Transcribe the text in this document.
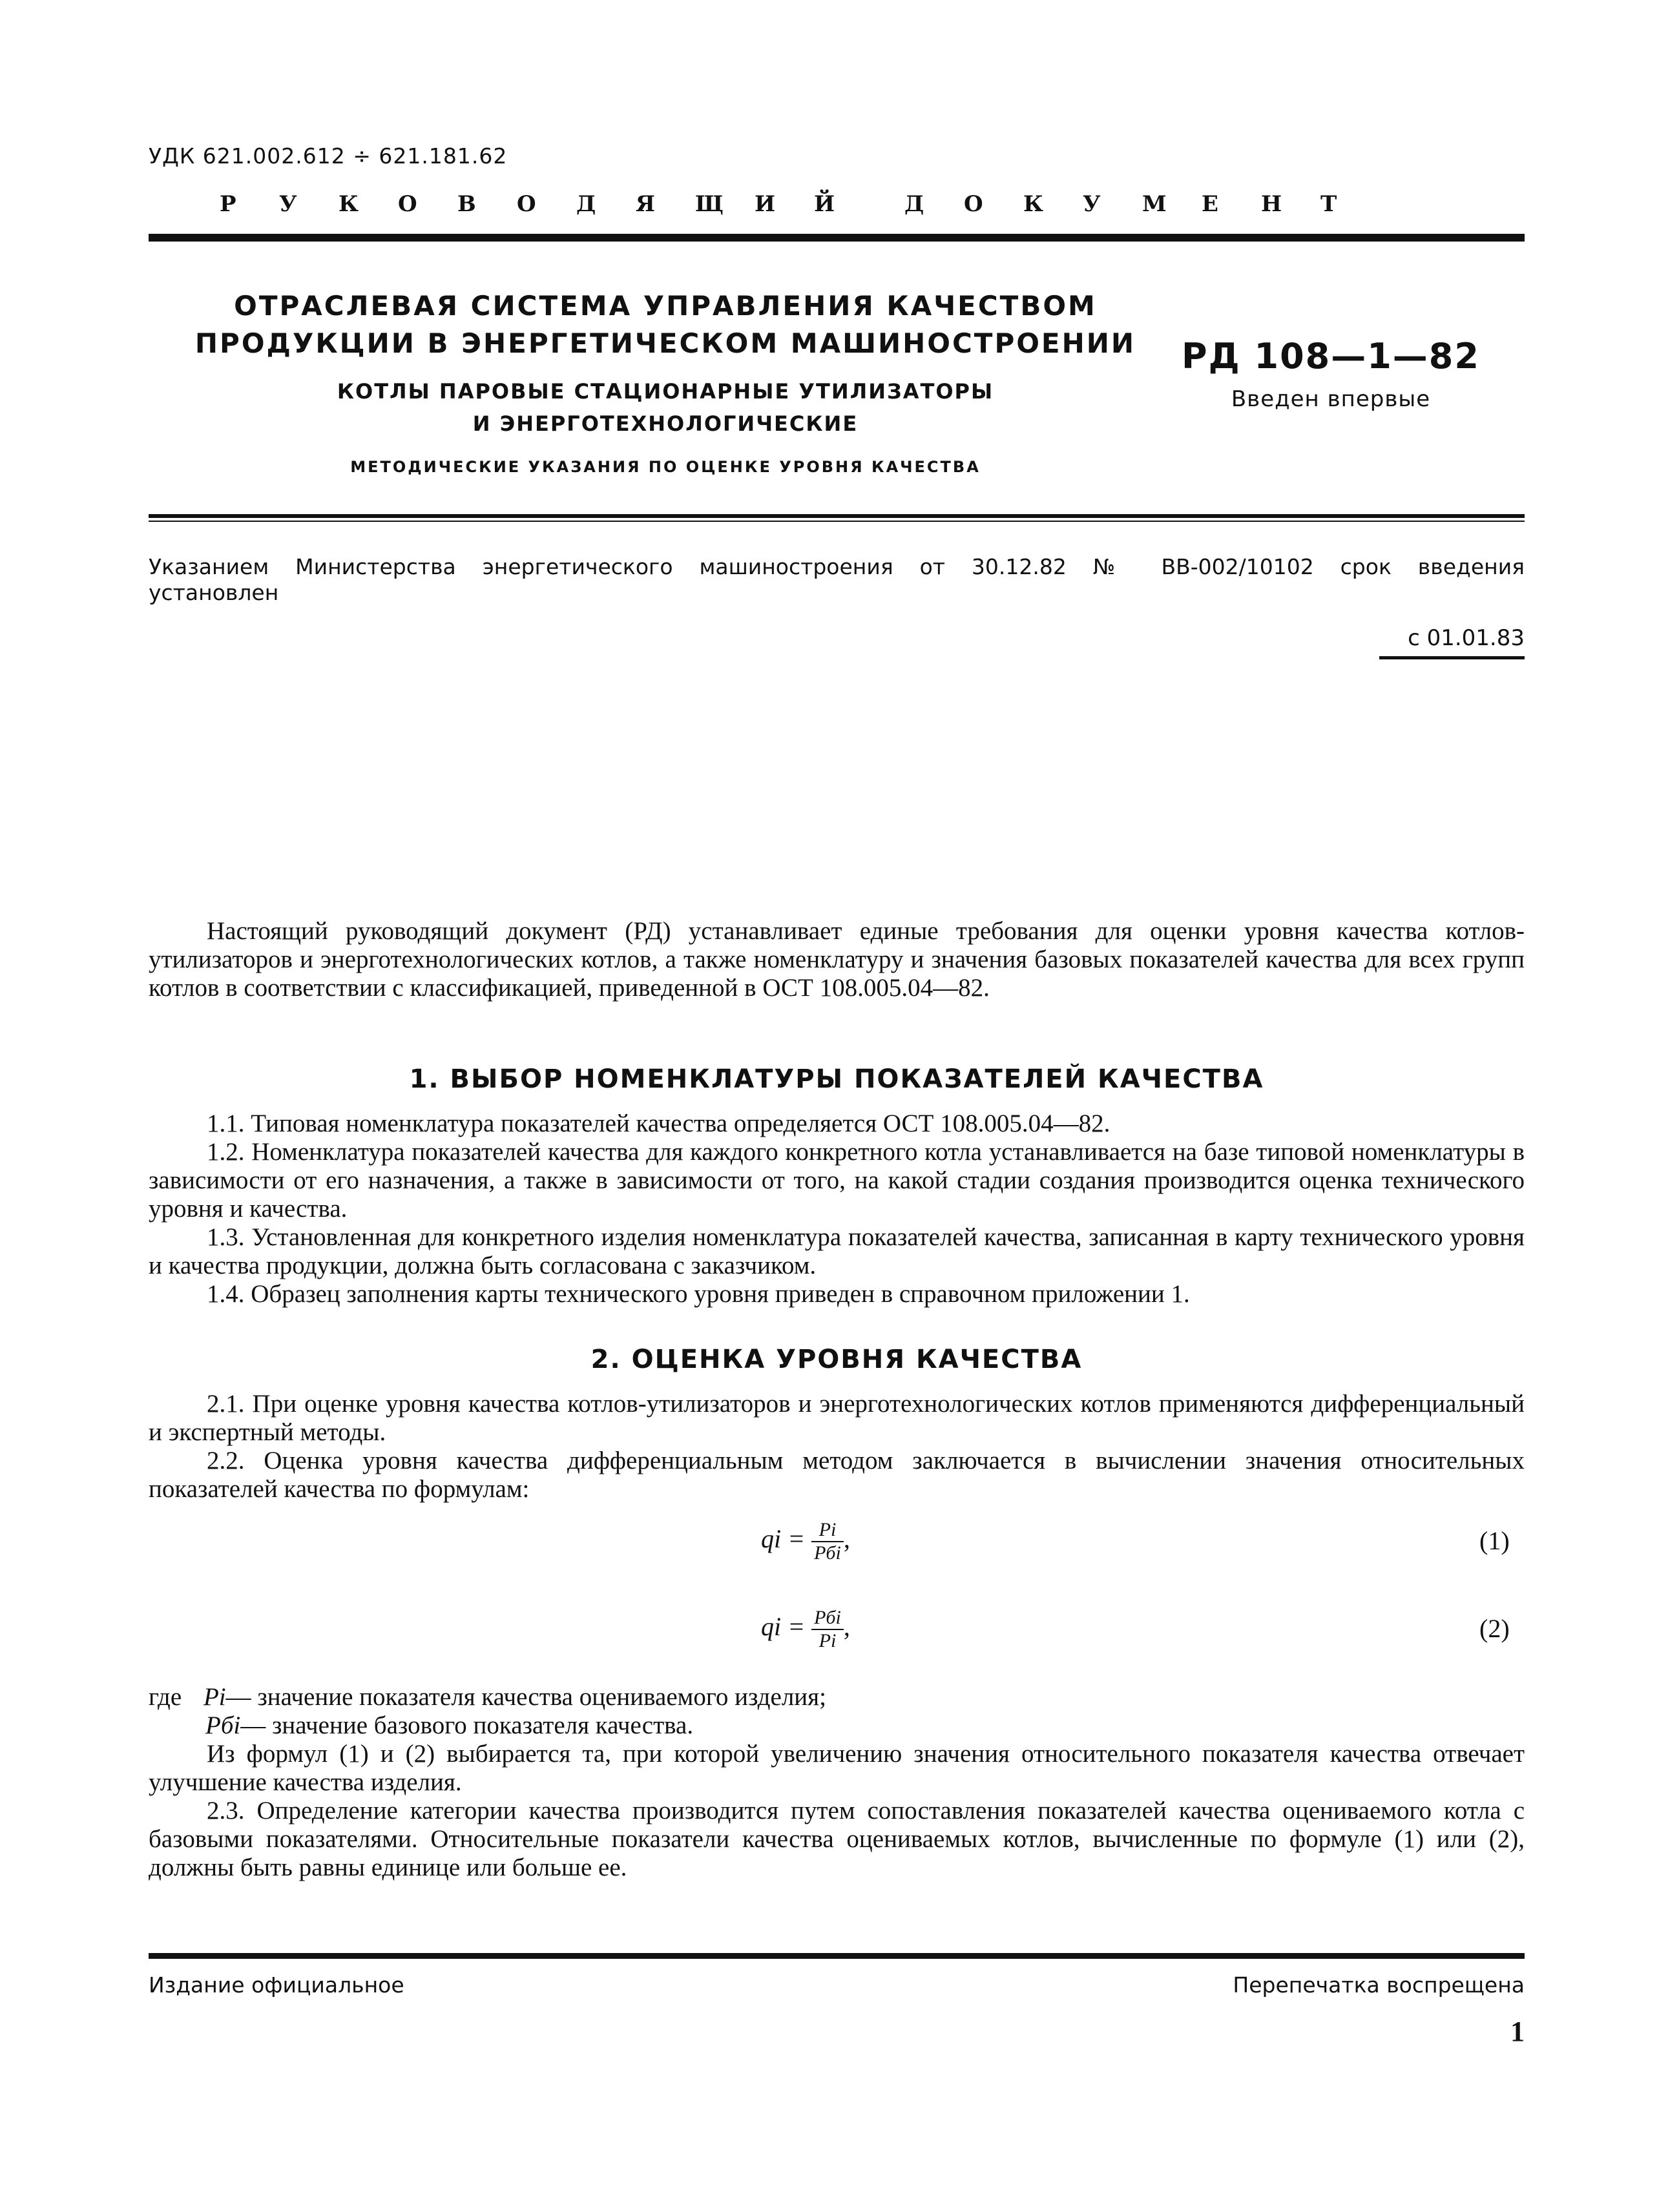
УДК 621.002.612 ÷ 621.181.62
Р	У	К	О	В	О	Д	Я	Щ	И	Й	Д	О	К	У	М	Е	Н	Т
ОТРАСЛЕВАЯ СИСТЕМА УПРАВЛЕНИЯ КАЧЕСТВОМ
ПРОДУКЦИИ В ЭНЕРГЕТИЧЕСКОМ МАШИНОСТРОЕНИИ
КОТЛЫ ПАРОВЫЕ СТАЦИОНАРНЫЕ УТИЛИЗАТОРЫ
И ЭНЕРГОТЕХНОЛОГИЧЕСКИЕ
МЕТОДИЧЕСКИЕ УКАЗАНИЯ ПО ОЦЕНКЕ УРОВНЯ КАЧЕСТВА
РД 108—1—82
Введен впервые
Указанием Министерства энергетического машиностроения от 30.12.82 № ВВ-002/10102 срок введения
установлен
с 01.01.83
Настоящий руководящий документ (РД) устанавливает единые требования для оценки уровня качества котлов-утилизаторов и энерготехнологических котлов, а также номенклатуру и значения базовых показателей качества для всех групп котлов в соответствии с классификацией, приведенной в ОСТ 108.005.04—82.
1. ВЫБОР НОМЕНКЛАТУРЫ ПОКАЗАТЕЛЕЙ КАЧЕСТВА
1.1. Типовая номенклатура показателей качества определяется ОСТ 108.005.04—82.
1.2. Номенклатура показателей качества для каждого конкретного котла устанавливается на базе типовой номенклатуры в зависимости от его назначения, а также в зависимости от того, на какой стадии создания производится оценка технического уровня и качества.
1.3. Установленная для конкретного изделия номенклатура показателей качества, записанная в карту технического уровня и качества продукции, должна быть согласована с заказчиком.
1.4. Образец заполнения карты технического уровня приведен в справочном приложении 1.
2. ОЦЕНКА УРОВНЯ КАЧЕСТВА
2.1. При оценке уровня качества котлов-утилизаторов и энерготехнологических котлов применяются дифференциальный и экспертный методы.
2.2. Оценка уровня качества дифференциальным методом заключается в вычислении значения относительных показателей качества по формулам:
qi = $\frac{Pi}{\text{Pбi}}$ ,	(1)
qi = $\frac{\text{Pбi}}{Pi}$ ,	(2)
где Pi— значение показателя качества оцениваемого изделия;
Pбi— значение базового показателя качества.
Из формул (1) и (2) выбирается та, при которой увеличению значения относительного показателя качества отвечает улучшение качества изделия.
2.3. Определение категории качества производится путем сопоставления показателей качества оцениваемого котла с базовыми показателями. Относительные показатели качества оцениваемых котлов, вычисленные по формуле (1) или (2), должны быть равны единице или больше ее.
Издание официальное	Перепечатка воспрещена
1
